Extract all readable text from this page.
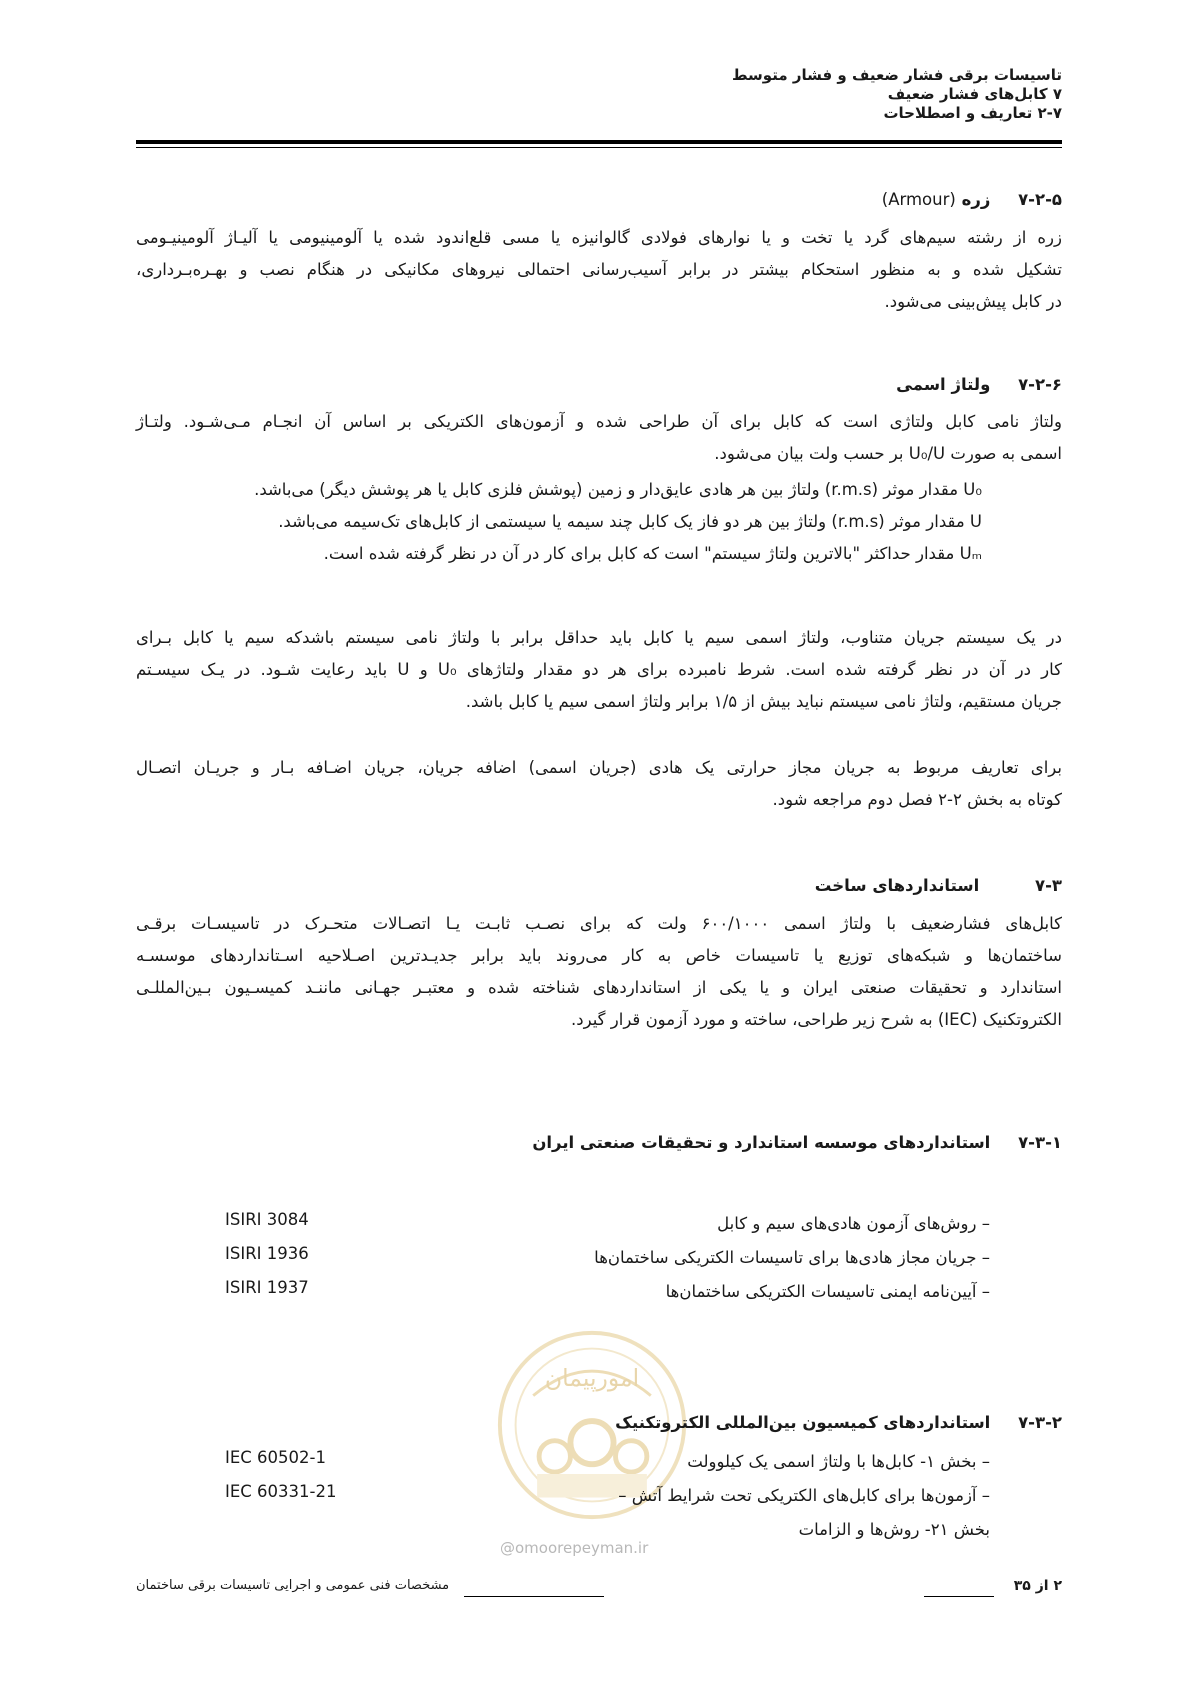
تاسیسات برقی فشار ضعیف و فشار متوسط
۷ کابل‌های فشار ضعیف
۲-۷ تعاریف و اصطلاحات
۷-۲-۵ زره (Armour)
زره از رشته سیم‌های گرد یا تخت و یا نوارهای فولادی گالوانیزه یا مسی قلع‌اندود شده یا آلومینیومی یا آلیـاژ آلومینیـومی
تشکیل شده و به منظور استحکام بیشتر در برابر آسیب‌رسانی احتمالی نیروهای مکانیکی در هنگام نصب و بهـره‌بـرداری،
در کابل پیش‌بینی می‌شود.
۷-۲-۶ ولتاژ اسمی
ولتاژ نامی کابل ولتاژی است که کابل برای آن طراحی شده و آزمون‌های الکتریکی بر اساس آن انجـام مـی‌شـود. ولتـاژ
اسمی به صورت U₀/U بر حسب ولت بیان می‌شود.
U₀ مقدار موثر (r.m.s) ولتاژ بین هر هادی عایق‌دار و زمین (پوشش فلزی کابل یا هر پوشش دیگر) می‌باشد.
U مقدار موثر (r.m.s) ولتاژ بین هر دو فاز یک کابل چند سیمه یا سیستمی از کابل‌های تک‌سیمه می‌باشد.
Uₘ مقدار حداکثر "بالاترین ولتاژ سیستم" است که کابل برای کار در آن در نظر گرفته شده است.
در یک سیستم جریان متناوب، ولتاژ اسمی سیم یا کابل باید حداقل برابر با ولتاژ نامی سیستم باشدکه سیم یا کابل بـرای
کار در آن در نظر گرفته شده است. شرط نامبرده برای هر دو مقدار ولتاژهای U₀ و U باید رعایت شـود. در یـک سیسـتم
جریان مستقیم، ولتاژ نامی سیستم نباید بیش از ۱/۵ برابر ولتاژ اسمی سیم یا کابل باشد.
برای تعاریف مربوط به جریان مجاز حرارتی یک هادی (جریان اسمی) اضافه جریان، جریان اضـافه بـار و جریـان اتصـال
کوتاه به بخش ۲-۲ فصل دوم مراجعه شود.
۷-۳ استانداردهای ساخت
کابل‌های فشارضعیف با ولتاژ اسمی ۶۰۰/۱۰۰۰ ولت که برای نصـب ثابـت یـا اتصـالات متحـرک در تاسیسـات برقـی
ساختمان‌ها و شبکه‌های توزیع یا تاسیسات خاص به کار می‌روند باید برابر جدیـدترین اصـلاحیه اسـتانداردهای موسسـه
استاندارد و تحقیقات صنعتی ایران و یا یکی از استانداردهای شناخته شده و معتبـر جهـانی ماننـد کمیسـیون بـین‌المللـی
الکتروتکنیک (IEC) به شرح زیر طراحی، ساخته و مورد آزمون قرار گیرد.
۷-۳-۱ استانداردهای موسسه استاندارد و تحقیقات صنعتی ایران
– روش‌های آزمون هادی‌های سیم و کابل
– جریان مجاز هادی‌ها برای تاسیسات الکتریکی ساختمان‌ها
– آیین‌نامه ایمنی تاسیسات الکتریکی ساختمان‌ها
ISIRI 3084
ISIRI 1936
ISIRI 1937
امورپیمان
@omoorepeyman.ir
۷-۳-۲ استانداردهای کمیسیون بین‌المللی الکتروتکنیک
– بخش ۱- کابل‌ها با ولتاژ اسمی یک کیلوولت
– آزمون‌ها برای کابل‌های الکتریکی تحت شرایط آتش –
بخش ۲۱- روش‌ها و الزامات
IEC 60502-1
IEC 60331-21
۲ از ۳۵
مشخصات فنی عمومی و اجرایی تاسیسات برقی ساختمان
